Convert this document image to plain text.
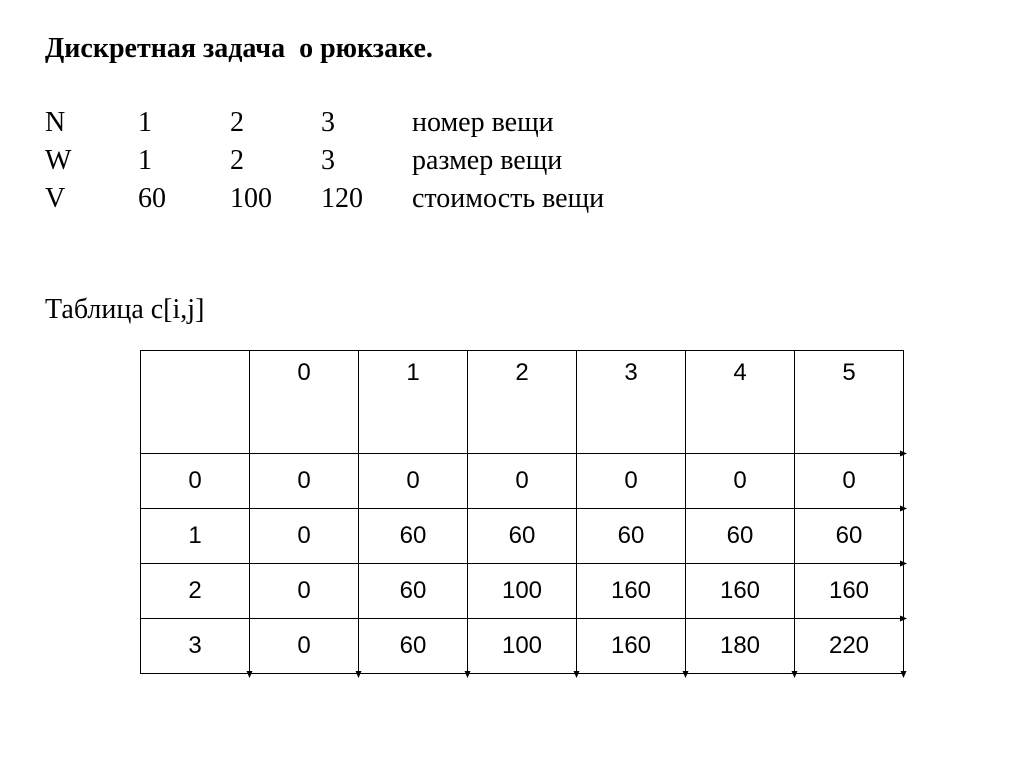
Дискретная задача  о рюкзаке.
N	1	2	3	номер вещи
W 1	2	3	размер вещи
V	60 100 120 стоимость вещи
Таблица c[i,j]
	0	1	2	3	4	5
0	0	0	0	0	0	0
1	0	60	60	60	60	60
2	0	60	100	160	160	160
3	0	60	100	160	180	220
